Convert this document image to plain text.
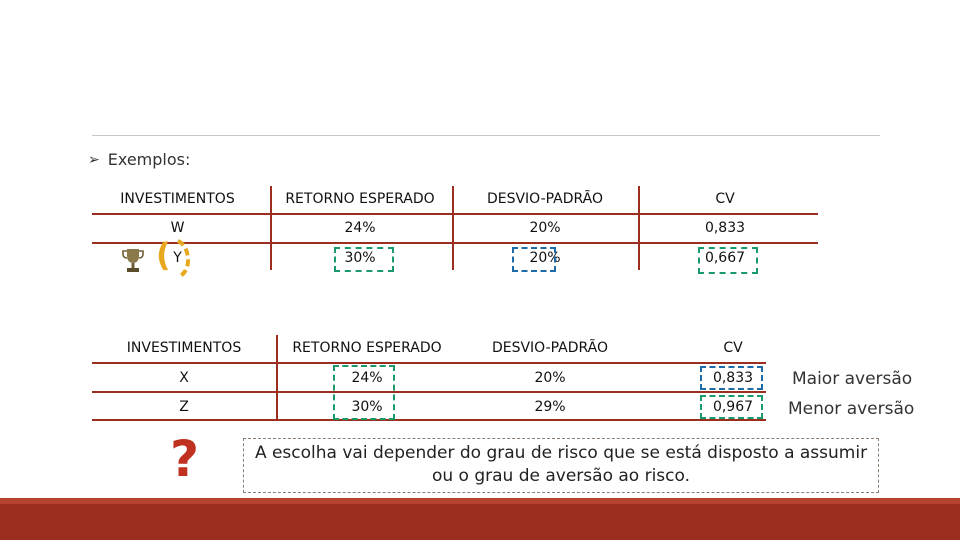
➢ Exemplos:
INVESTIMENTOS	RETORNO ESPERADO	DESVIO-PADRÃO	CV
W	24%	20%	0,833
Y	30%	20%	0,667
(
INVESTIMENTOS	RETORNO ESPERADO	DESVIO-PADRÃO	CV
X	24%	20%	0,833
Z	30%	29%	0,967
Maior aversão
Menor aversão
?	A escolha vai depender do grau de risco que se está disposto a assumir
ou o grau de aversão ao risco.
